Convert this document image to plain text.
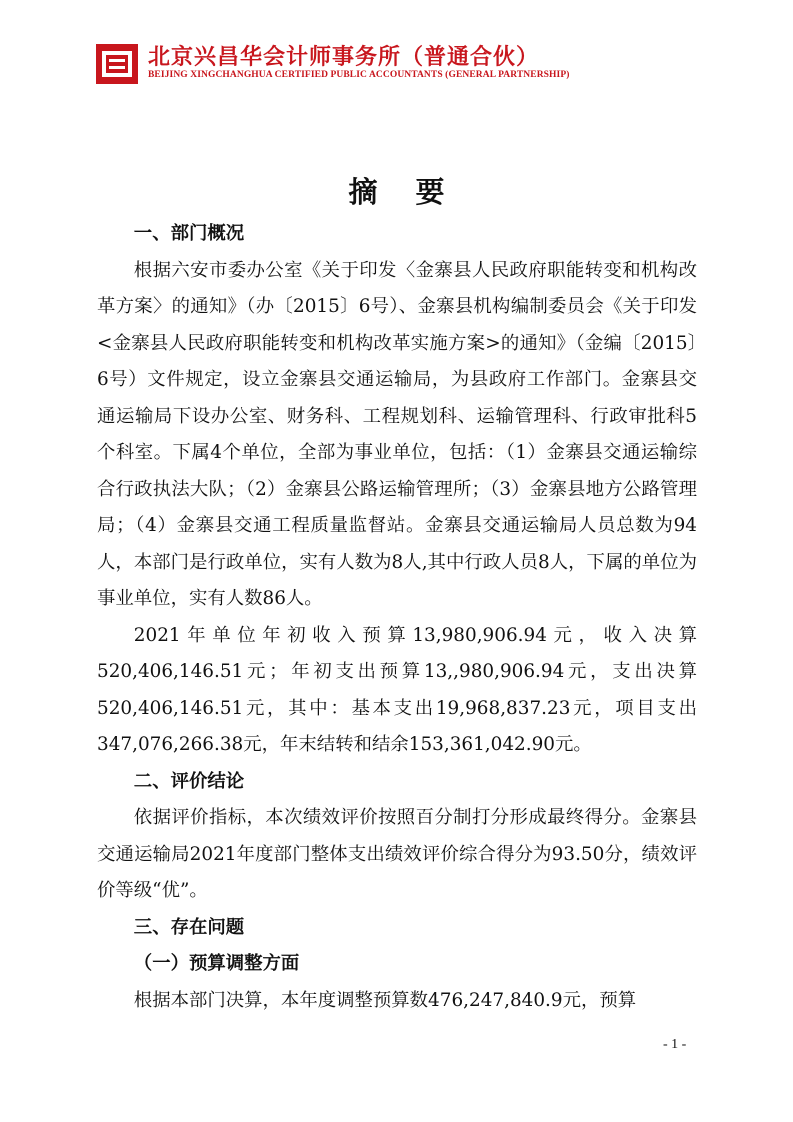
北京兴昌华会计师事务所（普通合伙）
BEIJING XINGCHANGHUA CERTIFIED PUBLIC ACCOUNTANTS (GENERAL PARTNERSHIP)
摘要

一、部门概况

根据六安市委办公室《关于印发〈金寨县人民政府职能转变和机构改革方案〉的通知》（办〔2015〕6号）、金寨县机构编制委员会《关于印发<金寨县人民政府职能转变和机构改革实施方案>的通知》（金编〔2015〕6号）文件规定，设立金寨县交通运输局，为县政府工作部门。金寨县交通运输局下设办公室、财务科、工程规划科、运输管理科、行政审批科5个科室。下属4个单位，全部为事业单位，包括：（1）金寨县交通运输综合行政执法大队；（2）金寨县公路运输管理所；（3）金寨县地方公路管理局；（4）金寨县交通工程质量监督站。金寨县交通运输局人员总数为94人，本部门是行政单位，实有人数为8人,其中行政人员8人，下属的单位为事业单位，实有人数86人。

2021年单位年初收入预算13,980,906.94元，收入决算520,406,146.51元；年初支出预算13,,980,906.94元，支出决算520,406,146.51元，其中：基本支出19,968,837.23元，项目支出347,076,266.38元，年末结转和结余153,361,042.90元。

二、评价结论

依据评价指标，本次绩效评价按照百分制打分形成最终得分。金寨县交通运输局2021年度部门整体支出绩效评价综合得分为93.50分，绩效评价等级“优”。

三、存在问题

（一）预算调整方面

根据本部门决算，本年度调整预算数476,247,840.9元，预算

- 1 -
